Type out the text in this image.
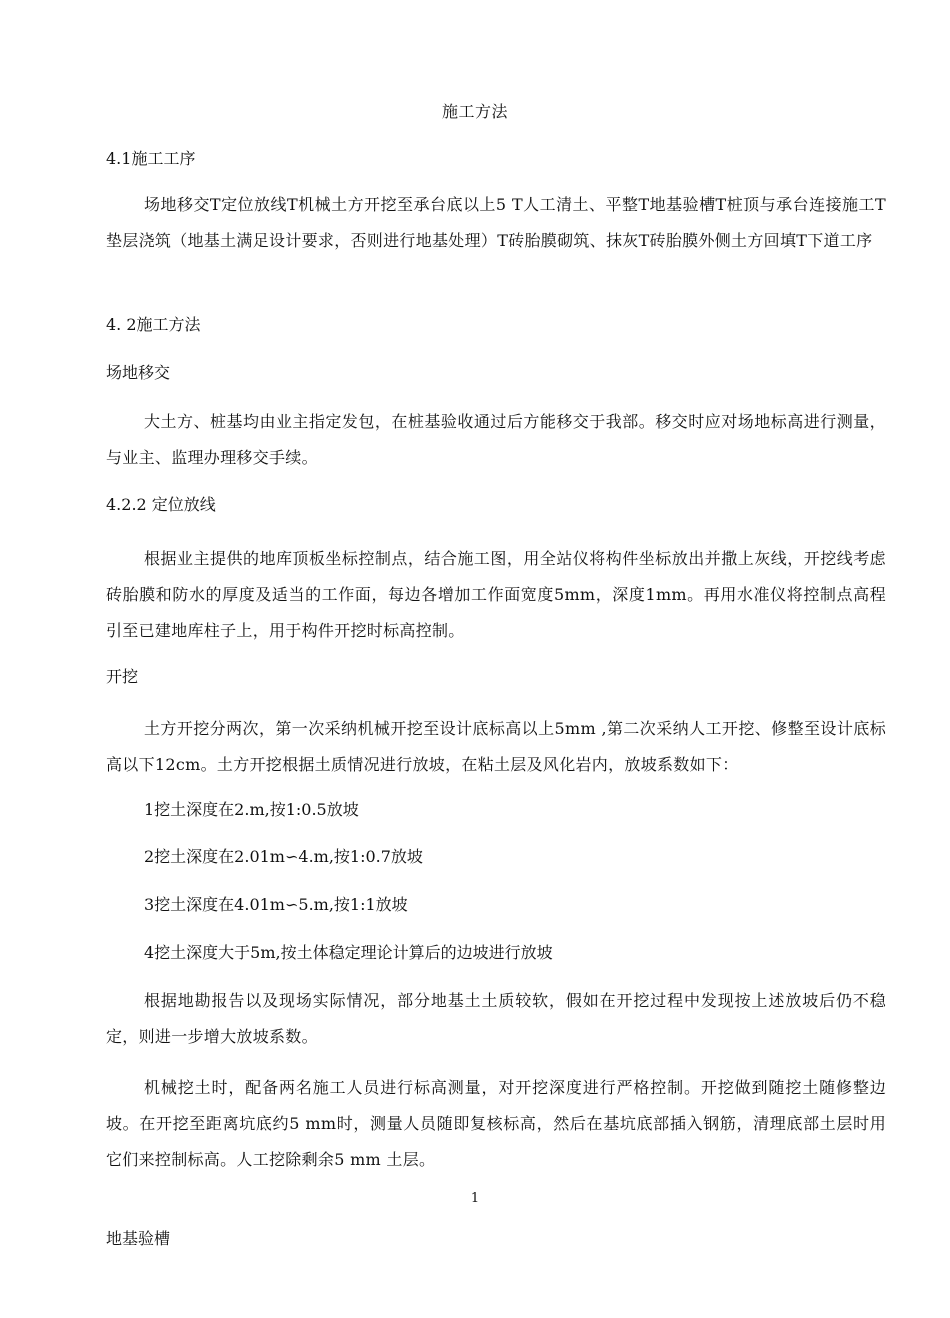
施工方法
4.1施工工序
场地移交T定位放线T机械土方开挖至承台底以上5 T人工清土、平整T地基验槽T桩顶与承台连接施工T垫层浇筑（地基土满足设计要求，否则进行地基处理）T砖胎膜砌筑、抹灰T砖胎膜外侧土方回填T下道工序
4. 2施工方法
场地移交
大土方、桩基均由业主指定发包，在桩基验收通过后方能移交于我部。移交时应对场地标高进行测量，与业主、监理办理移交手续。
4.2.2 定位放线
根据业主提供的地库顶板坐标控制点，结合施工图，用全站仪将构件坐标放出并撒上灰线，开挖线考虑砖胎膜和防水的厚度及适当的工作面，每边各增加工作面宽度5mm，深度1mm。再用水准仪将控制点高程引至已建地库柱子上，用于构件开挖时标高控制。
开挖
土方开挖分两次，第一次采纳机械开挖至设计底标高以上5mm ,第二次采纳人工开挖、修整至设计底标高以下12cm。土方开挖根据土质情况进行放坡，在粘土层及风化岩内，放坡系数如下：
1挖土深度在2.m,按1:0.5放坡
2挖土深度在2.01m∽4.m,按1:0.7放坡
3挖土深度在4.01m∽5.m,按1:1放坡
4挖土深度大于5m,按土体稳定理论计算后的边坡进行放坡
根据地勘报告以及现场实际情况，部分地基土土质较软，假如在开挖过程中发现按上述放坡后仍不稳定，则进一步增大放坡系数。
机械挖土时，配备两名施工人员进行标高测量，对开挖深度进行严格控制。开挖做到随挖土随修整边坡。在开挖至距离坑底约5 mm时，测量人员随即复核标高，然后在基坑底部插入钢筋，清理底部土层时用它们来控制标高。人工挖除剩余5 mm 土层。
1
地基验槽
